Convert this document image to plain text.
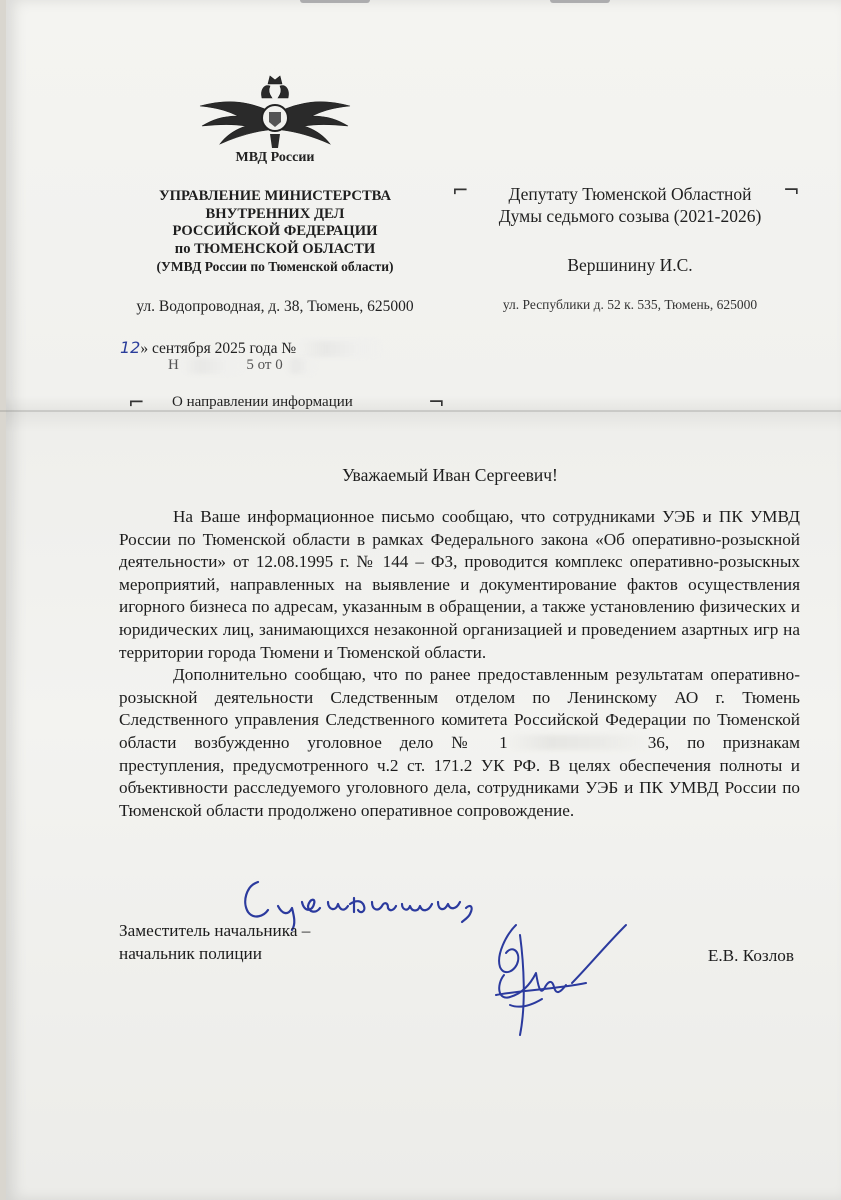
МВД России
УПРАВЛЕНИЕ МИНИСТЕРСТВА
ВНУТРЕННИХ ДЕЛ
РОССИЙСКОЙ ФЕДЕРАЦИИ
по ТЮМЕНСКОЙ ОБЛАСТИ
(УМВД России по Тюменской области)
ул. Водопроводная, д. 38, Тюмень, 625000
12» сентября 2025 года №
Н	5 от 0
⌐ О направлении информации	¬
⌐	¬
Депутату Тюменской Областной
Думы седьмого созыва (2021-2026)
Вершинину И.С.
ул. Республики д. 52 к. 535, Тюмень, 625000
Уважаемый Иван Сергеевич!

На Ваше информационное письмо сообщаю, что сотрудниками УЭБ и ПК УМВД России по Тюменской области в рамках Федерального закона «Об оперативно-розыскной деятельности» от 12.08.1995 г. № 144 – ФЗ, проводится комплекс оперативно-розыскных мероприятий, направленных на выявление и документирование фактов осуществления игорного бизнеса по адресам, указанным в обращении, а также установлению физических и юридических лиц, занимающихся незаконной организацией и проведением азартных игр на территории города Тюмени и Тюменской области.

Дополнительно сообщаю, что по ранее предоставленным результатам оперативно-розыскной деятельности Следственным отделом по Ленинскому АО г. Тюмень Следственного управления Следственного комитета Российской Федерации по Тюменской области возбужденно уголовное дело № 1	36, по признакам преступления, предусмотренного ч.2 ст. 171.2 УК РФ. В целях обеспечения полноты и объективности расследуемого уголовного дела, сотрудниками УЭБ и ПК УМВД России по Тюменской области продолжено оперативное сопровождение.

Заместитель начальника –
начальник полиции	Е.В. Козлов
